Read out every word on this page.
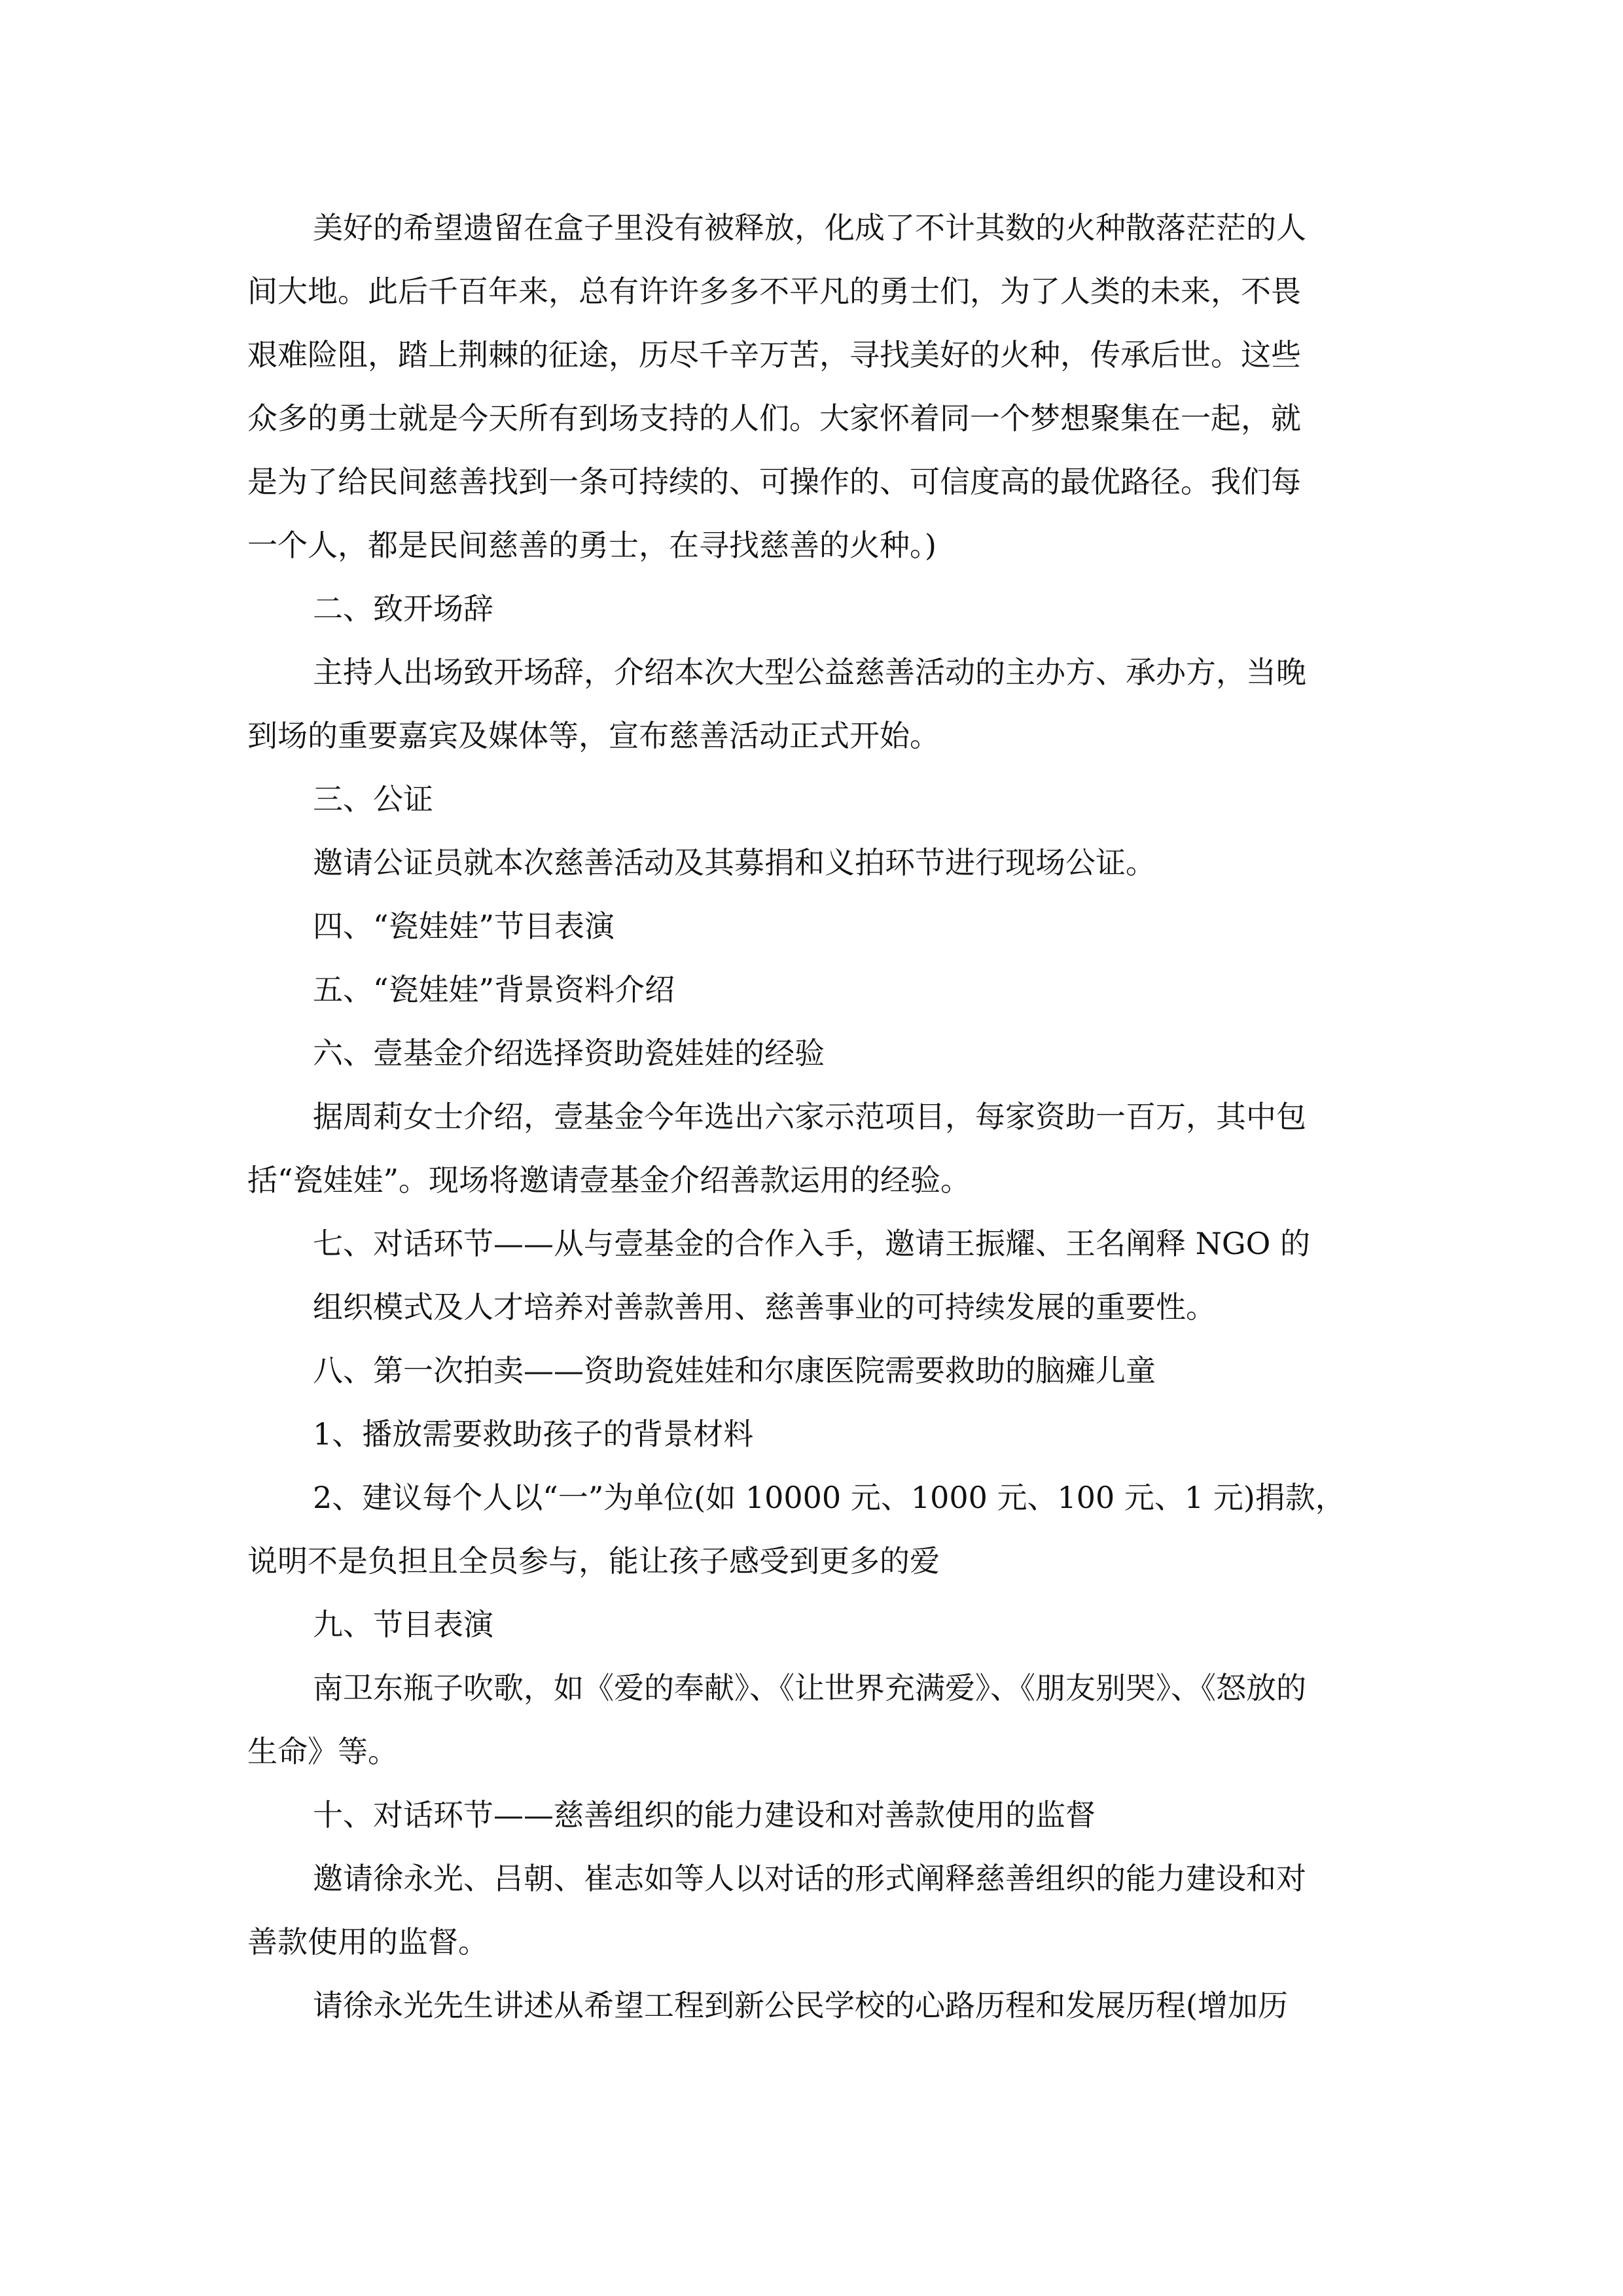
美好的希望遗留在盒子里没有被释放，化成了不计其数的火种散落茫茫的人

间大地。此后千百年来，总有许许多多不平凡的勇士们，为了人类的未来，不畏

艰难险阻，踏上荆棘的征途，历尽千辛万苦，寻找美好的火种，传承后世。这些

众多的勇士就是今天所有到场支持的人们。大家怀着同一个梦想聚集在一起，就

是为了给民间慈善找到一条可持续的、可操作的、可信度高的最优路径。我们每

一个人，都是民间慈善的勇士，在寻找慈善的火种。)

二、致开场辞

主持人出场致开场辞，介绍本次大型公益慈善活动的主办方、承办方，当晚

到场的重要嘉宾及媒体等，宣布慈善活动正式开始。

三、公证

邀请公证员就本次慈善活动及其募捐和义拍环节进行现场公证。

四、“瓷娃娃”节目表演

五、“瓷娃娃”背景资料介绍

六、壹基金介绍选择资助瓷娃娃的经验

据周莉女士介绍，壹基金今年选出六家示范项目，每家资助一百万，其中包

括“瓷娃娃”。现场将邀请壹基金介绍善款运用的经验。

七、对话环节——从与壹基金的合作入手，邀请王振耀、王名阐释 NGO 的

组织模式及人才培养对善款善用、慈善事业的可持续发展的重要性。

八、第一次拍卖——资助瓷娃娃和尔康医院需要救助的脑瘫儿童

1、播放需要救助孩子的背景材料

2、建议每个人以“一”为单位(如 10000 元、1000 元、100 元、1 元)捐款，

说明不是负担且全员参与，能让孩子感受到更多的爱

九、节目表演

南卫东瓶子吹歌，如《爱的奉献》、《让世界充满爱》、《朋友别哭》、《怒放的

生命》等。

十、对话环节——慈善组织的能力建设和对善款使用的监督

邀请徐永光、吕朝、崔志如等人以对话的形式阐释慈善组织的能力建设和对

善款使用的监督。

请徐永光先生讲述从希望工程到新公民学校的心路历程和发展历程(增加历
